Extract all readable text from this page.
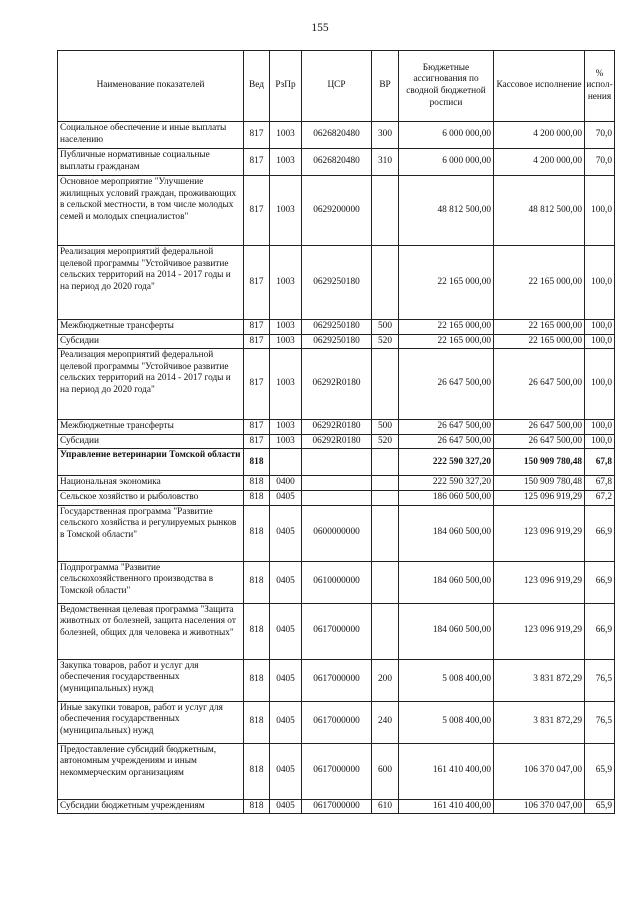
155
Наименование показателей	Вед	РзПр	ЦСР	ВР	Бюджетные ассигнования по сводной бюджетной росписи	Кассовое исполнение	% испол-нения
Социальное обеспечение и иные выплаты населению	817	1003	0626820480	300	6 000 000,00	4 200 000,00	70,0
Публичные нормативные социальные выплаты гражданам	817	1003	0626820480	310	6 000 000,00	4 200 000,00	70,0
Основное мероприятие "Улучшение жилищных условий граждан, проживающих в сельской местности, в том числе молодых семей и молодых специалистов"	817	1003	0629200000		48 812 500,00	48 812 500,00	100,0
Реализация мероприятий федеральной целевой программы "Устойчивое развитие сельских территорий на 2014 - 2017 годы и на период до 2020 года"	817	1003	0629250180		22 165 000,00	22 165 000,00	100,0
Межбюджетные трансферты	817	1003	0629250180	500	22 165 000,00	22 165 000,00	100,0
Субсидии	817	1003	0629250180	520	22 165 000,00	22 165 000,00	100,0
Реализация мероприятий федеральной целевой программы "Устойчивое развитие сельских территорий на 2014 - 2017 годы и на период до 2020 года"	817	1003	06292R0180		26 647 500,00	26 647 500,00	100,0
Межбюджетные трансферты	817	1003	06292R0180	500	26 647 500,00	26 647 500,00	100,0
Субсидии	817	1003	06292R0180	520	26 647 500,00	26 647 500,00	100,0
Управление ветеринарии Томской области	818				222 590 327,20	150 909 780,48	67,8
Национальная экономика	818	0400			222 590 327,20	150 909 780,48	67,8
Сельское хозяйство и рыболовство	818	0405			186 060 500,00	125 096 919,29	67,2
Государственная программа "Развитие сельского хозяйства и регулируемых рынков в Томской области"	818	0405	0600000000		184 060 500,00	123 096 919,29	66,9
Подпрограмма "Развитие сельскохозяйственного производства в Томской области"	818	0405	0610000000		184 060 500,00	123 096 919,29	66,9
Ведомственная целевая программа "Защита животных от болезней, защита населения от болезней, общих для человека и животных"	818	0405	0617000000		184 060 500,00	123 096 919,29	66,9
Закупка товаров, работ и услуг для обеспечения государственных (муниципальных) нужд	818	0405	0617000000	200	5 008 400,00	3 831 872,29	76,5
Иные закупки товаров, работ и услуг для обеспечения государственных (муниципальных) нужд	818	0405	0617000000	240	5 008 400,00	3 831 872,29	76,5
Предоставление субсидий бюджетным, автономным учреждениям и иным некоммерческим организациям	818	0405	0617000000	600	161 410 400,00	106 370 047,00	65,9
Субсидии бюджетным учреждениям	818	0405	0617000000	610	161 410 400,00	106 370 047,00	65,9
